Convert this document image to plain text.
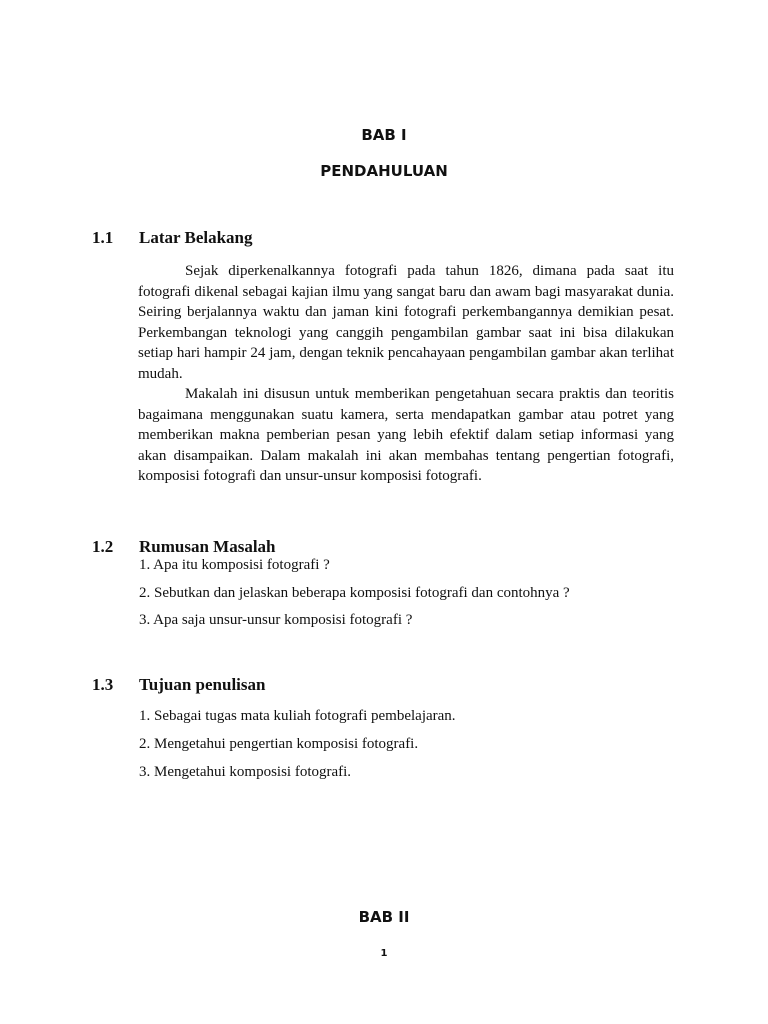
BAB I
PENDAHULUAN
1.1 Latar Belakang

Sejak diperkenalkannya fotografi pada tahun 1826, dimana pada saat itu fotografi dikenal sebagai kajian ilmu yang sangat baru dan awam bagi masyarakat dunia. Seiring berjalannya waktu dan jaman kini fotografi perkembangannya demikian pesat. Perkembangan teknologi yang canggih pengambilan gambar saat ini bisa dilakukan setiap hari hampir 24 jam, dengan teknik pencahayaan pengambilan gambar akan terlihat mudah.

Makalah ini disusun untuk memberikan pengetahuan secara praktis dan teoritis bagaimana menggunakan suatu kamera, serta mendapatkan gambar atau potret yang memberikan makna pemberian pesan yang lebih efektif dalam setiap informasi yang akan disampaikan. Dalam makalah ini akan membahas tentang pengertian fotografi, komposisi fotografi dan unsur-unsur komposisi fotografi.

1.2 Rumusan Masalah

1. Apa itu komposisi fotografi ?

2. Sebutkan dan jelaskan beberapa komposisi fotografi dan contohnya ?

3. Apa saja unsur-unsur komposisi fotografi ?

1.3 Tujuan penulisan

1. Sebagai tugas mata kuliah fotografi pembelajaran.

2. Mengetahui pengertian komposisi fotografi.

3. Mengetahui komposisi fotografi.

BAB II
1
